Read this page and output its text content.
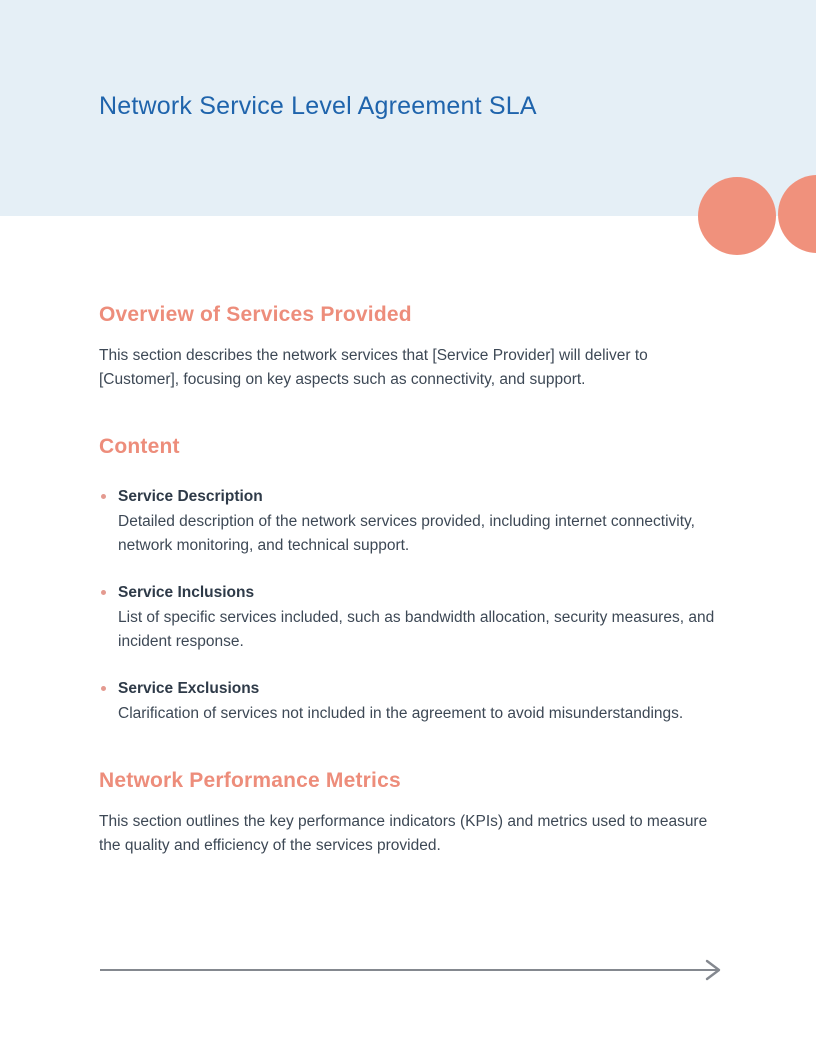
Network Service Level Agreement SLA
Overview of Services Provided

This section describes the network services that [Service Provider] will deliver to [Customer], focusing on key aspects such as connectivity, and support.

Content
Service Description
Detailed description of the network services provided, including internet connectivity, network monitoring, and technical support.
Service Inclusions
List of specific services included, such as bandwidth allocation, security measures, and incident response.
Service Exclusions
Clarification of services not included in the agreement to avoid misunderstandings.
Network Performance Metrics

This section outlines the key performance indicators (KPIs) and metrics used to measure the quality and efficiency of the services provided.
